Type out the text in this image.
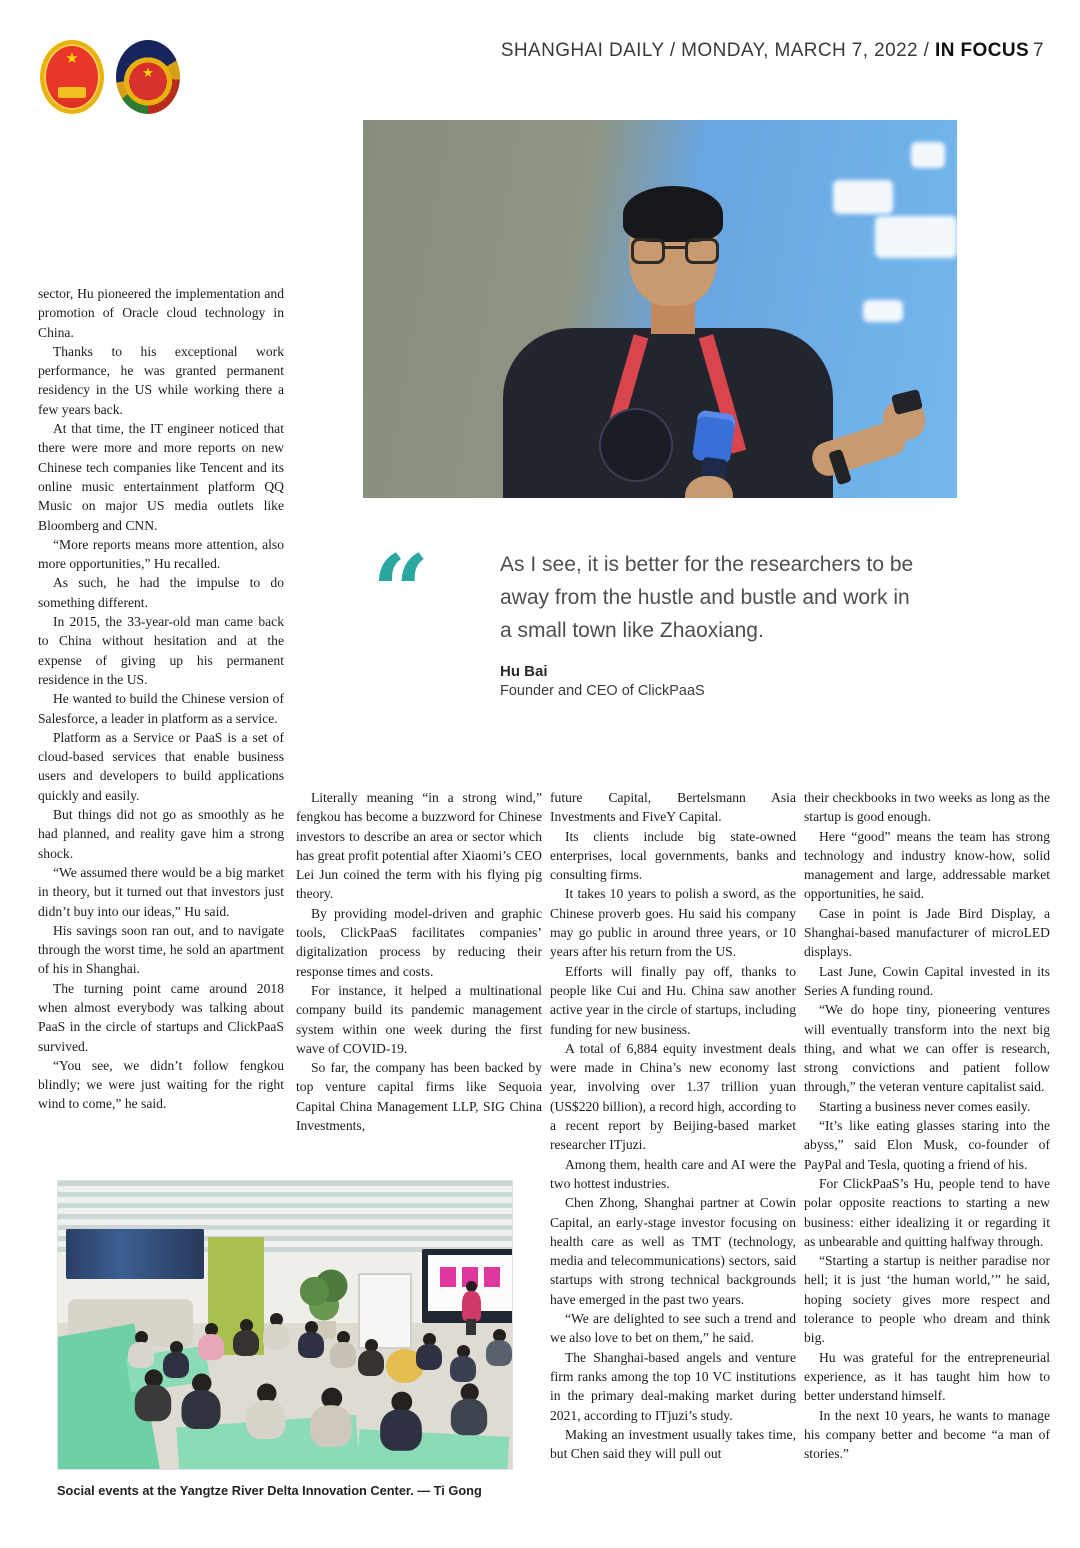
SHANGHAI DAILY / MONDAY, MARCH 7, 2022 / IN FOCUS 7
★
★
“	As I see, it is better for the researchers to be away from the hustle and bustle and work in a small town like Zhaoxiang.
Hu Bai
Founder and CEO of ClickPaaS

sector, Hu pioneered the implementation and promotion of Oracle cloud technology in China.

Thanks to his exceptional work performance, he was granted permanent residency in the US while working there a few years back.

At that time, the IT engineer noticed that there were more and more reports on new Chinese tech companies like Tencent and its online music entertainment platform QQ Music on major US media outlets like Bloomberg and CNN.

“More reports means more attention, also more opportunities,” Hu recalled.

As such, he had the impulse to do something different.

In 2015, the 33-year-old man came back to China without hesitation and at the expense of giving up his permanent residence in the US.

He wanted to build the Chinese version of Salesforce, a leader in platform as a service.

Platform as a Service or PaaS is a set of cloud-based services that enable business users and developers to build applications quickly and easily.

But things did not go as smoothly as he had planned, and reality gave him a strong shock.

“We assumed there would be a big market in theory, but it turned out that investors just didn’t buy into our ideas,” Hu said.

His savings soon ran out, and to navigate through the worst time, he sold an apartment of his in Shanghai.

The turning point came around 2018 when almost everybody was talking about PaaS in the circle of startups and ClickPaaS survived.

“You see, we didn’t follow fengkou blindly; we were just waiting for the right wind to come,” he said.

Literally meaning “in a strong wind,” fengkou has become a buzzword for Chinese investors to describe an area or sector which has great profit potential after Xiaomi’s CEO Lei Jun coined the term with his flying pig theory.

By providing model-driven and graphic tools, ClickPaaS facilitates companies’ digitalization process by reducing their response times and costs.

For instance, it helped a multinational company build its pandemic management system within one week during the first wave of COVID-19.

So far, the company has been backed by top venture capital firms like Sequoia Capital China Management LLP, SIG China Investments,

future Capital, Bertelsmann Asia Investments and FiveY Capital.

Its clients include big state-owned enterprises, local governments, banks and consulting firms.

It takes 10 years to polish a sword, as the Chinese proverb goes. Hu said his company may go public in around three years, or 10 years after his return from the US.

Efforts will finally pay off, thanks to people like Cui and Hu. China saw another active year in the circle of startups, including funding for new business.

A total of 6,884 equity investment deals were made in China’s new economy last year, involving over 1.37 trillion yuan (US$220 billion), a record high, according to a recent report by Beijing-based market researcher ITjuzi.

Among them, health care and AI were the two hottest industries.

Chen Zhong, Shanghai partner at Cowin Capital, an early-stage investor focusing on health care as well as TMT (technology, media and telecommunications) sectors, said startups with strong technical backgrounds have emerged in the past two years.

“We are delighted to see such a trend and we also love to bet on them,” he said.

The Shanghai-based angels and venture firm ranks among the top 10 VC institutions in the primary deal-making market during 2021, according to ITjuzi’s study.

Making an investment usually takes time, but Chen said they will pull out

their checkbooks in two weeks as long as the startup is good enough.

Here “good” means the team has strong technology and industry know-how, solid management and large, addressable market opportunities, he said.

Case in point is Jade Bird Display, a Shanghai-based manufacturer of microLED displays.

Last June, Cowin Capital invested in its Series A funding round.

“We do hope tiny, pioneering ventures will eventually transform into the next big thing, and what we can offer is research, strong convictions and patient follow through,” the veteran venture capitalist said.

Starting a business never comes easily.

“It’s like eating glasses staring into the abyss,” said Elon Musk, co-founder of PayPal and Tesla, quoting a friend of his.

For ClickPaaS’s Hu, people tend to have polar opposite reactions to starting a new business: either idealizing it or regarding it as unbearable and quitting halfway through.

“Starting a startup is neither paradise nor hell; it is just ‘the human world,’” he said, hoping society gives more respect and tolerance to people who dream and think big.

Hu was grateful for the entrepreneurial experience, as it has taught him how to better understand himself.

In the next 10 years, he wants to manage his company better and become “a man of stories.”

Social events at the Yangtze River Delta Innovation Center. — Ti Gong
